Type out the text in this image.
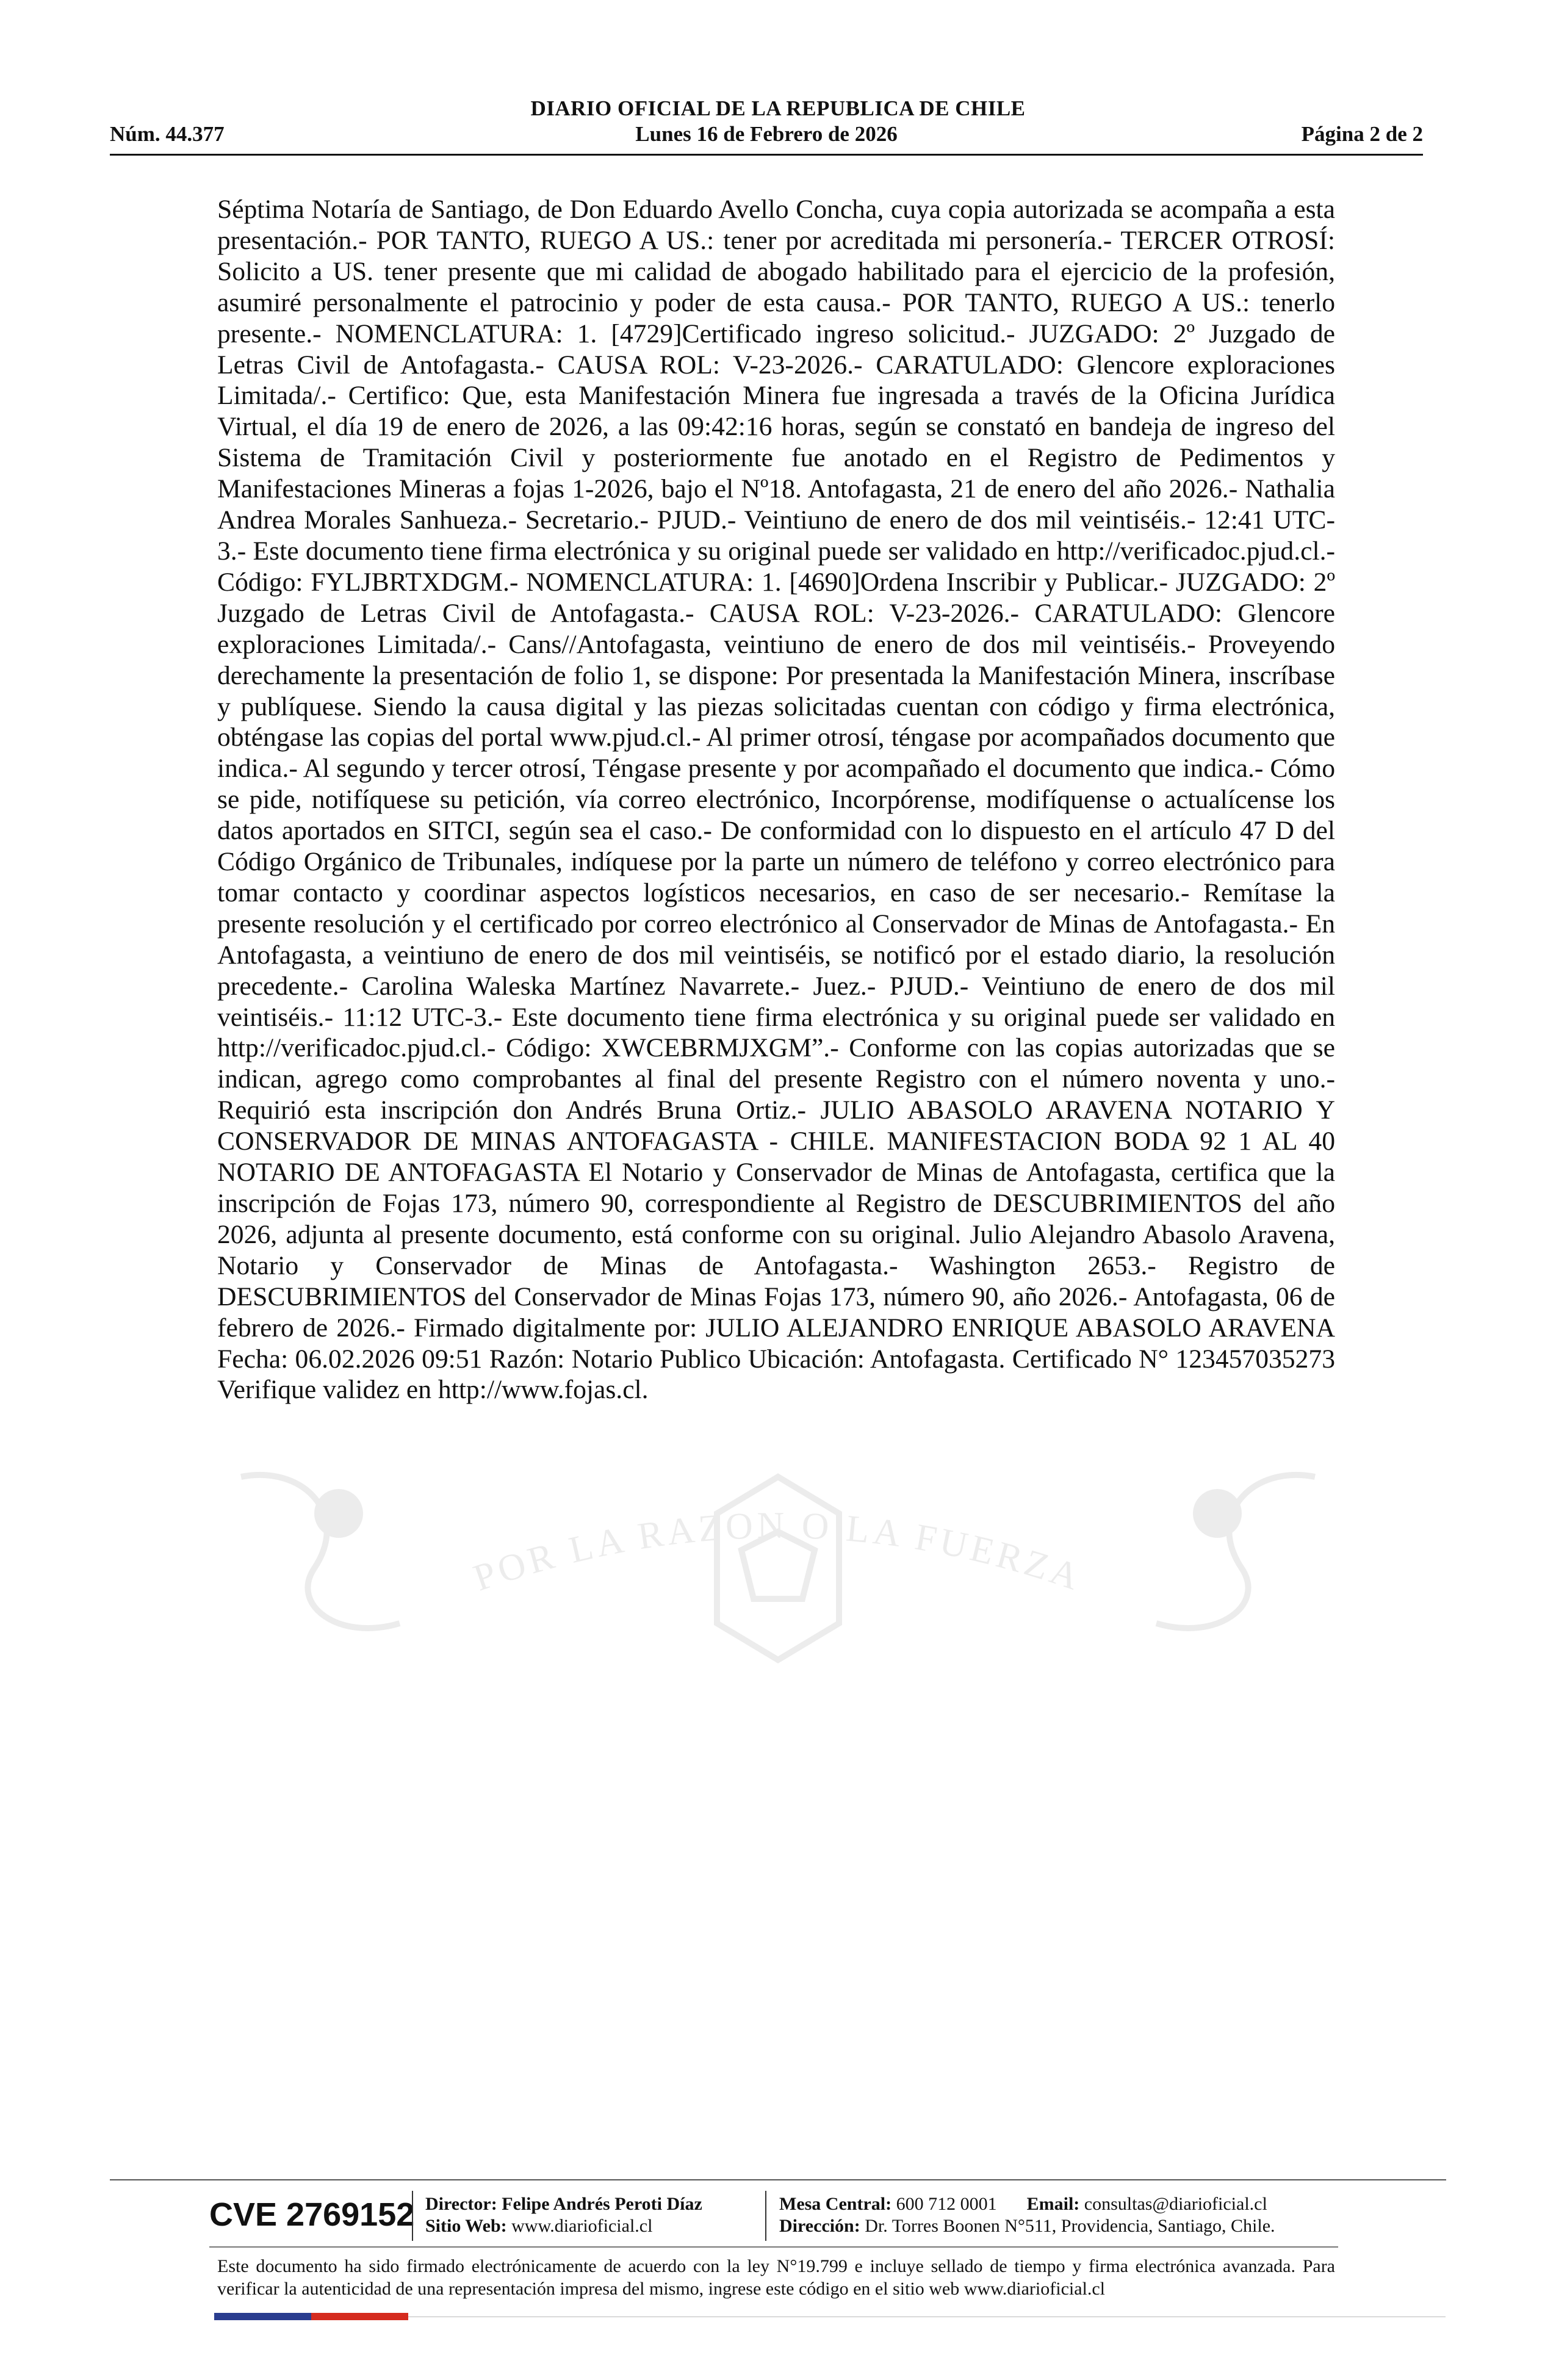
DIARIO OFICIAL DE LA REPUBLICA DE CHILE
Núm. 44.377	Lunes 16 de Febrero de 2026	Página 2 de 2
POR LA RAZON O LA FUERZA

Séptima Notaría de Santiago, de Don Eduardo Avello Concha, cuya copia autorizada se acompaña a esta presentación.- POR TANTO, RUEGO A US.: tener por acreditada mi personería.- TERCER OTROSÍ: Solicito a US. tener presente que mi calidad de abogado habilitado para el ejercicio de la profesión, asumiré personalmente el patrocinio y poder de esta causa.- POR TANTO, RUEGO A US.: tenerlo presente.- NOMENCLATURA: 1. [4729]Certificado ingreso solicitud.- JUZGADO: 2º Juzgado de Letras Civil de Antofagasta.- CAUSA ROL: V-23-2026.- CARATULADO: Glencore exploraciones Limitada/.- Certifico: Que, esta Manifestación Minera fue ingresada a través de la Oficina Jurídica Virtual, el día 19 de enero de 2026, a las 09:42:16 horas, según se constató en bandeja de ingreso del Sistema de Tramitación Civil y posteriormente fue anotado en el Registro de Pedimentos y Manifestaciones Mineras a fojas 1-2026, bajo el Nº18. Antofagasta, 21 de enero del año 2026.- Nathalia Andrea Morales Sanhueza.- Secretario.- PJUD.- Veintiuno de enero de dos mil veintiséis.- 12:41 UTC-3.- Este documento tiene firma electrónica y su original puede ser validado en http://verificadoc.pjud.cl.- Código: FYLJBRTXDGM.- NOMENCLATURA: 1. [4690]Ordena Inscribir y Publicar.- JUZGADO: 2º Juzgado de Letras Civil de Antofagasta.- CAUSA ROL: V-23-2026.- CARATULADO: Glencore exploraciones Limitada/.- Cans//Antofagasta, veintiuno de enero de dos mil veintiséis.- Proveyendo derechamente la presentación de folio 1, se dispone: Por presentada la Manifestación Minera, inscríbase y publíquese. Siendo la causa digital y las piezas solicitadas cuentan con código y firma electrónica, obténgase las copias del portal www.pjud.cl.- Al primer otrosí, téngase por acompañados documento que indica.- Al segundo y tercer otrosí, Téngase presente y por acompañado el documento que indica.- Cómo se pide, notifíquese su petición, vía correo electrónico, Incorpórense, modifíquense o actualícense los datos aportados en SITCI, según sea el caso.- De conformidad con lo dispuesto en el artículo 47 D del Código Orgánico de Tribunales, indíquese por la parte un número de teléfono y correo electrónico para tomar contacto y coordinar aspectos logísticos necesarios, en caso de ser necesario.- Remítase la presente resolución y el certificado por correo electrónico al Conservador de Minas de Antofagasta.- En Antofagasta, a veintiuno de enero de dos mil veintiséis, se notificó por el estado diario, la resolución precedente.- Carolina Waleska Martínez Navarrete.- Juez.- PJUD.- Veintiuno de enero de dos mil veintiséis.- 11:12 UTC-3.- Este documento tiene firma electrónica y su original puede ser validado en http://verificadoc.pjud.cl.- Código: XWCEBRMJXGM”.- Conforme con las copias autorizadas que se indican, agrego como comprobantes al final del presente Registro con el número noventa y uno.- Requirió esta inscripción don Andrés Bruna Ortiz.- JULIO ABASOLO ARAVENA NOTARIO Y CONSERVADOR DE MINAS ANTOFAGASTA - CHILE. MANIFESTACION BODA 92 1 AL 40 NOTARIO DE ANTOFAGASTA El Notario y Conservador de Minas de Antofagasta, certifica que la inscripción de Fojas 173, número 90, correspondiente al Registro de DESCUBRIMIENTOS del año 2026, adjunta al presente documento, está conforme con su original. Julio Alejandro Abasolo Aravena, Notario y Conservador de Minas de Antofagasta.- Washington 2653.- Registro de DESCUBRIMIENTOS del Conservador de Minas Fojas 173, número 90, año 2026.- Antofagasta, 06 de febrero de 2026.- Firmado digitalmente por: JULIO ALEJANDRO ENRIQUE ABASOLO ARAVENA Fecha: 06.02.2026 09:51 Razón: Notario Publico Ubicación: Antofagasta. Certificado N° 123457035273 Verifique validez en http://www.fojas.cl.

CVE 2769152 Director: Felipe Andrés Peroti Díaz
Sitio Web: www.diarioficial.cl
Mesa Central: 600 712 0001 Email: consultas@diarioficial.cl
Dirección: Dr. Torres Boonen N°511, Providencia, Santiago, Chile.
Este documento ha sido firmado electrónicamente de acuerdo con la ley N°19.799 e incluye sellado de tiempo y firma electrónica avanzada. Para verificar la autenticidad de una representación impresa del mismo, ingrese este código en el sitio web www.diarioficial.cl
